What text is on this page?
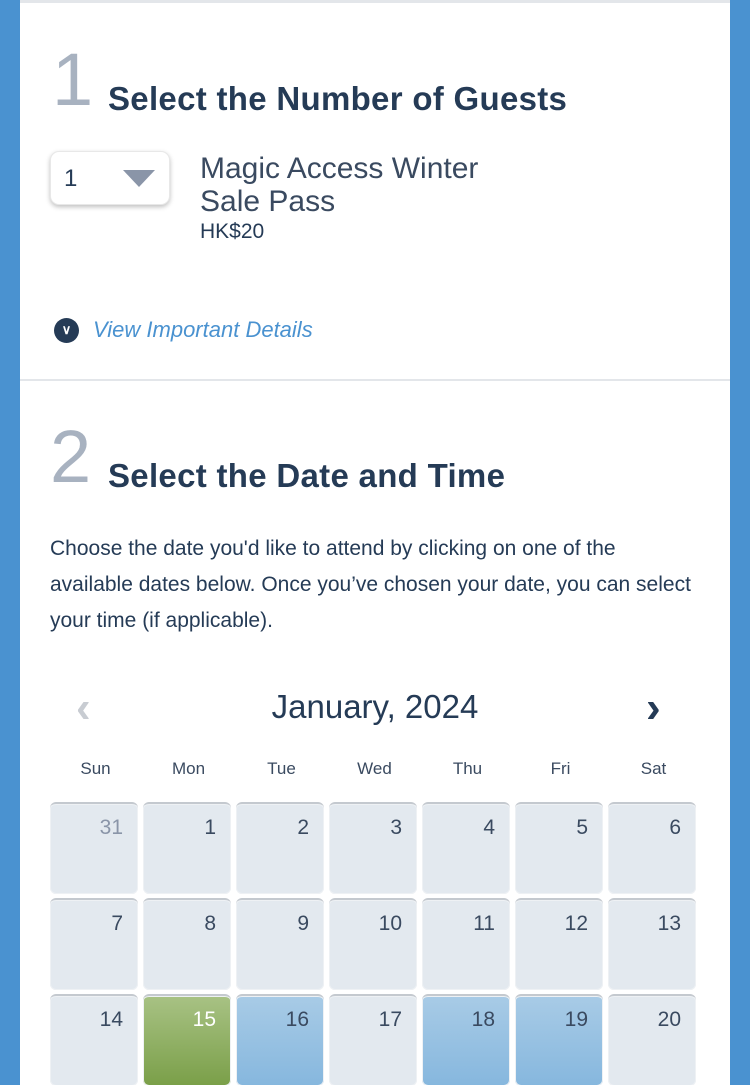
1 Select the Number of Guests
1	Magic Access Winter Sale Pass
HK$20
∨ View Important Details
2 Select the Date and Time
Choose the date you'd like to attend by clicking on one of the available dates below. Once you’ve chosen your date, you can select your time (if applicable).
‹	January, 2024	›
Sun	Mon	Tue	Wed	Thu	Fri	Sat
31	1	2	3	4	5	6
7	8	9	10	11	12	13
14	15	16	17	18	19	20
